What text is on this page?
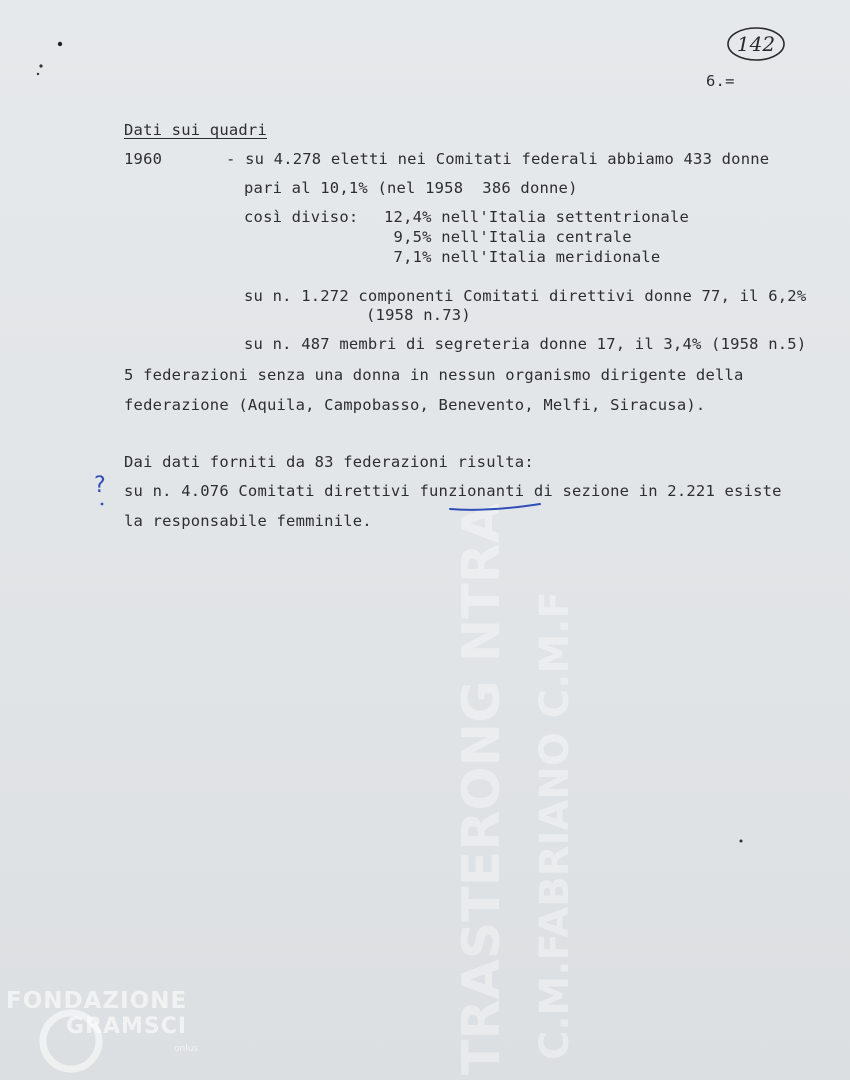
TRASTERONG NTRA C.M.FABRIANO C.M.F
142
6.=
Dati sui quadri
1960	- su 4.278 eletti nei Comitati federali abbiamo 433 donne
pari al 10,1% (nel 1958  386 donne)
così diviso: 12,4% nell'Italia settentrionale
9,5% nell'Italia centrale
7,1% nell'Italia meridionale
su n. 1.272 componenti Comitati direttivi donne 77, il 6,2%
(1958 n.73)
su n. 487 membri di segreteria donne 17, il 3,4% (1958 n.5)
5 federazioni senza una donna in nessun organismo dirigente della
federazione (Aquila, Campobasso, Benevento, Melfi, Siracusa).
Dai dati forniti da 83 federazioni risulta:
su n. 4.076 Comitati direttivi funzionanti di sezione in 2.221 esiste
la responsabile femminile.
?
FONDAZIONE
GRAMSCI
onlus
